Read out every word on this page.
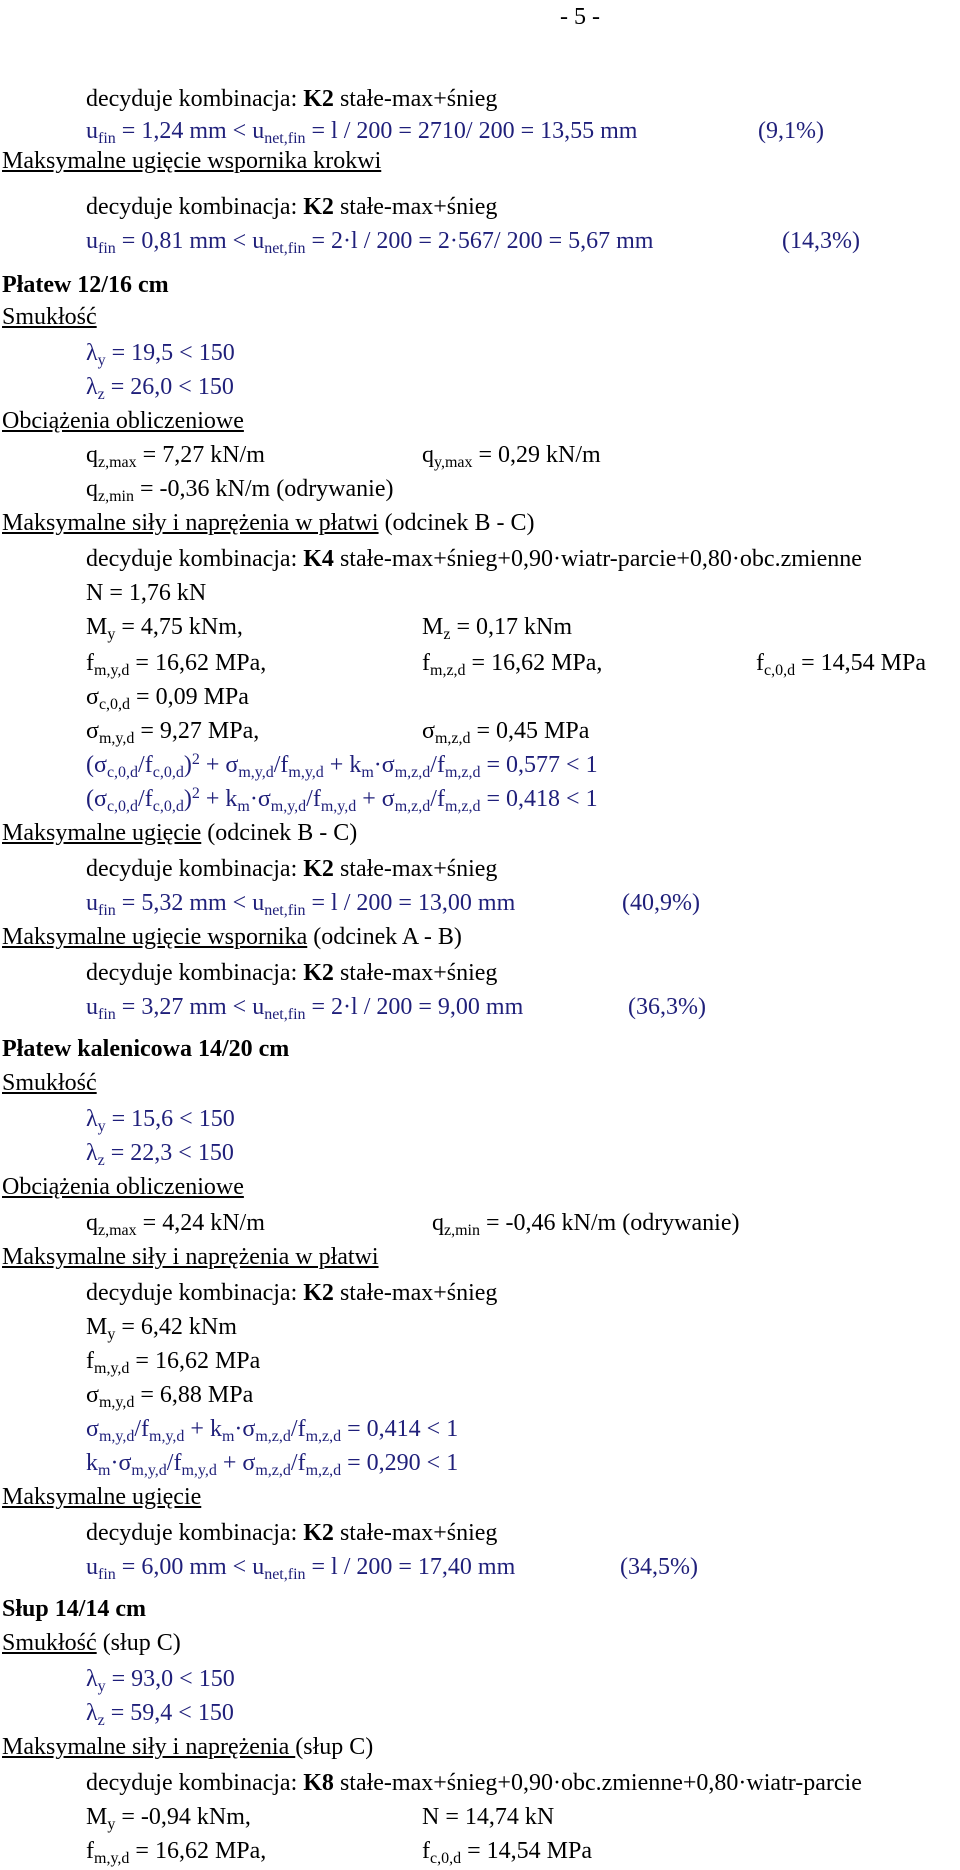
- 5 -
decyduje kombinacja: K2 stałe-max+śnieg
$u_{fin} = 1,24$ mm < $u_{net,fin} = l / 200 = 2710/$ 200 = 13,55 mm	(9,1%)
Maksymalne ugięcie wspornika krokwi
decyduje kombinacja: K2 stałe-max+śnieg
$u_{fin} = 0,81$ mm < $u_{net,fin} = 2\cdot l / 200 = 2\cdot 567/$ 200 = 5,67 mm	(14,3%)
Płatew 12/16 cm
Smukłość
$\lambda_y = 19,5 < 150$
$\lambda_z = 26,0 < 150$
Obciążenia obliczeniowe
$q_{z,max} = 7,27$ kN/m	$q_{y,max} = 0,29$ kN/m
$q_{z,min} = -0,36$ kN/m (odrywanie)
Maksymalne siły i naprężenia w płatwi (odcinek B - C)
decyduje kombinacja: K4 stałe-max+śnieg+0,90·wiatr-parcie+0,80·obc.zmienne
N = 1,76 kN
$M_y = 4,75$ kNm,	$M_z = 0,17$ kNm
$f_{m,y,d} = 16,62$ MPa,	$f_{m,z,d} = 16,62$ MPa,	$f_{c,0,d} = 14,54$ MPa
$\sigma_{c,0,d} = 0,09$ MPa
$\sigma_{m,y,d} = 9,27$ MPa,	$\sigma_{m,z,d} = 0,45$ MPa
$(\sigma_{c,0,d}/f_{c,0,d})^2 + \sigma_{m,y,d}/f_{m,y,d} + k_m\cdot\sigma_{m,z,d}/f_{m,z,d} = 0,577 < 1$
$(\sigma_{c,0,d}/f_{c,0,d})^2 + k_m\cdot\sigma_{m,y,d}/f_{m,y,d} + \sigma_{m,z,d}/f_{m,z,d} = 0,418 < 1$
Maksymalne ugięcie (odcinek B - C)
decyduje kombinacja: K2 stałe-max+śnieg
$u_{fin} = 5,32$ mm < $u_{net,fin} = l / 200 = 13,00$ mm	(40,9%)
Maksymalne ugięcie wspornika (odcinek A - B)
decyduje kombinacja: K2 stałe-max+śnieg
$u_{fin} = 3,27$ mm < $u_{net,fin} = 2\cdot l / 200 = 9,00$ mm	(36,3%)
Płatew kalenicowa 14/20 cm
Smukłość
$\lambda_y = 15,6 < 150$
$\lambda_z = 22,3 < 150$
Obciążenia obliczeniowe
$q_{z,max} = 4,24$ kN/m	$q_{z,min} = -0,46$ kN/m (odrywanie)
Maksymalne siły i naprężenia w płatwi
decyduje kombinacja: K2 stałe-max+śnieg
$M_y = 6,42$ kNm
$f_{m,y,d} = 16,62$ MPa
$\sigma_{m,y,d} = 6,88$ MPa
$\sigma_{m,y,d}/f_{m,y,d} + k_m\cdot\sigma_{m,z,d}/f_{m,z,d} = 0,414 < 1$
$k_m\cdot\sigma_{m,y,d}/f_{m,y,d} + \sigma_{m,z,d}/f_{m,z,d} = 0,290 < 1$
Maksymalne ugięcie
decyduje kombinacja: K2 stałe-max+śnieg
$u_{fin} = 6,00$ mm < $u_{net,fin} = l / 200 = 17,40$ mm	(34,5%)
Słup 14/14 cm
Smukłość (słup C)
$\lambda_y = 93,0 < 150$
$\lambda_z = 59,4 < 150$
Maksymalne siły i naprężenia (słup C)
decyduje kombinacja: K8 stałe-max+śnieg+0,90·obc.zmienne+0,80·wiatr-parcie
$M_y = -0,94$ kNm,	N = 14,74 kN
$f_{m,y,d} = 16,62$ MPa,	$f_{c,0,d} = 14,54$ MPa
